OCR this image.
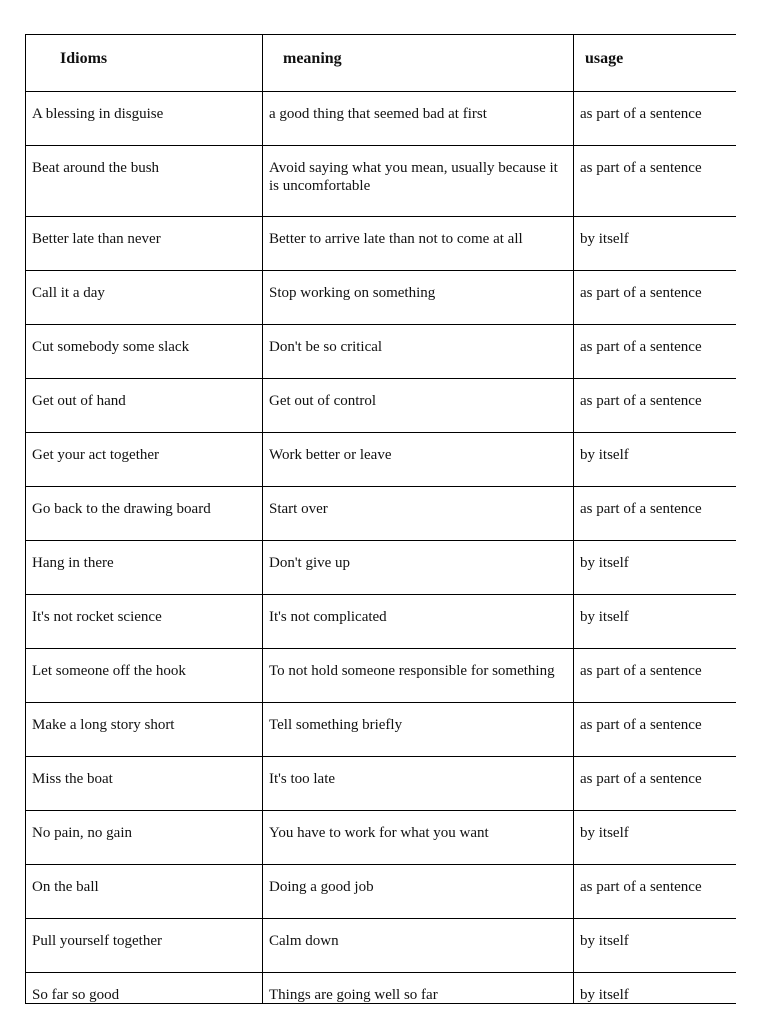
Idioms	meaning	usage
A blessing in disguise	a good thing that seemed bad at first	as part of a sentence
Beat around the bush	Avoid saying what you mean, usually because it is uncomfortable	as part of a sentence
Better late than never	Better to arrive late than not to come at all	by itself
Call it a day	Stop working on something	as part of a sentence
Cut somebody some slack	Don't be so critical	as part of a sentence
Get out of hand	Get out of control	as part of a sentence
Get your act together	Work better or leave	by itself
Go back to the drawing board	Start over	as part of a sentence
Hang in there	Don't give up	by itself
It's not rocket science	It's not complicated	by itself
Let someone off the hook	To not hold someone responsible for something	as part of a sentence
Make a long story short	Tell something briefly	as part of a sentence
Miss the boat	It's too late	as part of a sentence
No pain, no gain	You have to work for what you want	by itself
On the ball	Doing a good job	as part of a sentence
Pull yourself together	Calm down	by itself
So far so good	Things are going well so far	by itself
